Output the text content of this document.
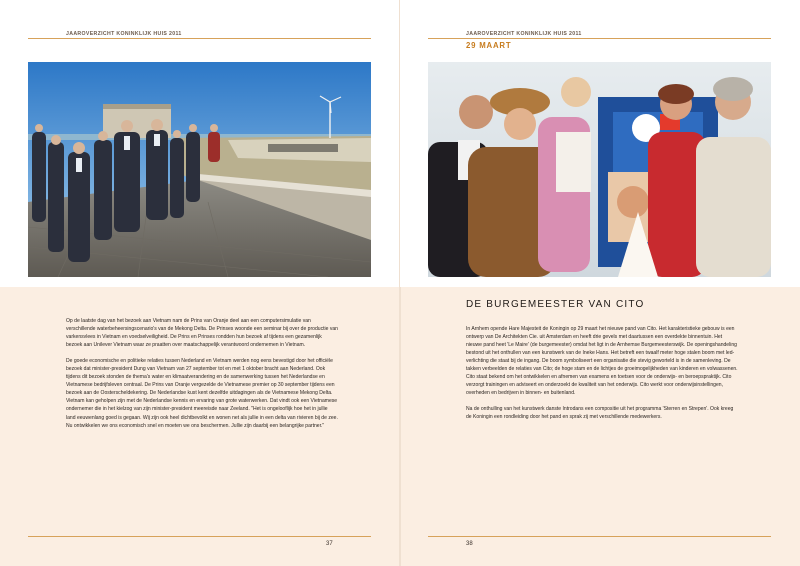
JAAROVERZICHT KONINKLIJK HUIS 2011

Op de laatste dag van het bezoek aan Vietnam nam de Prins van Oranje deel aan een computersimulatie van verschillende waterbeheersingscenario's van de Mekong Delta. De Prinses woonde een seminar bij over de productie van varkensvlees in Vietnam en voedselveiligheid. De Prins en Prinses rondden hun bezoek af tijdens een gezamenlijk bezoek aan Unilever Vietnam waar ze praatten over maatschappelijk verantwoord ondernemen in Vietnam.

De goede economische en politieke relaties tussen Nederland en Vietnam werden nog eens bevestigd door het officiële bezoek dat minister-president Dung van Vietnam van 27 september tot en met 1 oktober bracht aan Nederland. Ook tijdens dit bezoek stonden de thema's water en klimaatverandering en de samenwerking tussen het Nederlandse en Vietnamese bedrijfsleven centraal. De Prins van Oranje vergezelde de Vietnamese premier op 30 september tijdens een bezoek aan de Oosterscheldekering. De Nederlandse kust kent dezelfde uitdagingen als de Vietnamese Mekong Delta. Vietnam kan geholpen zijn met de Nederlandse kennis en ervaring van grote waterwerken. Dat vindt ook een Vietnamese ondernemer die in het kielzog van zijn minister-president meereisde naar Zeeland. "Het is ongelooflijk hoe het in jullie land eeuwenlang goed is gegaan. Wij zijn ook heel dichtbevolkt en wonen net als jullie in een delta van rivieren bij de zee. Nu ontwikkelen we ons economisch snel en moeten we ons beschermen. Jullie zijn daarbij een belangrijke partner."

37
JAAROVERZICHT KONINKLIJK HUIS 2011
29 MAART
DE BURGEMEESTER VAN CITO

In Arnhem opende Hare Majesteit de Koningin op 29 maart het nieuwe pand van Cito. Het karakteristieke gebouw is een ontwerp van De Architekten Cie. uit Amsterdam en heeft drie gevels met daartussen een overdekte binnentuin. Het nieuwe pand heet 'Le Maire' (de burgemeester) omdat het ligt in de Arnhemse Burgemeesterswijk. De openingshandeling bestond uit het onthullen van een kunstwerk van de Ineke Hans. Het betreft een twaalf meter hoge stalen boom met led-verlichting die staat bij de ingang. De boom symboliseert een organisatie die stevig geworteld is in de samenleving. De takken verbeelden de relaties van Cito; de hoge stam en de lichtjes de groeimogelijkheden van kinderen en volwassenen. Cito staat bekend om het ontwikkelen en afnemen van examens en toetsen voor de onderwijs- en beroepspraktijk. Cito verzorgt trainingen en adviseert en onderzoekt de kwaliteit van het onderwijs. Cito werkt voor onderwijsinstellingen, overheden en bedrijven in binnen- en buitenland.

Na de onthulling van het kunstwerk danste Introdans een compositie uit het programma 'Sterren en Strepen'. Ook kreeg de Koningin een rondleiding door het pand en sprak zij met verschillende medewerkers.

38
